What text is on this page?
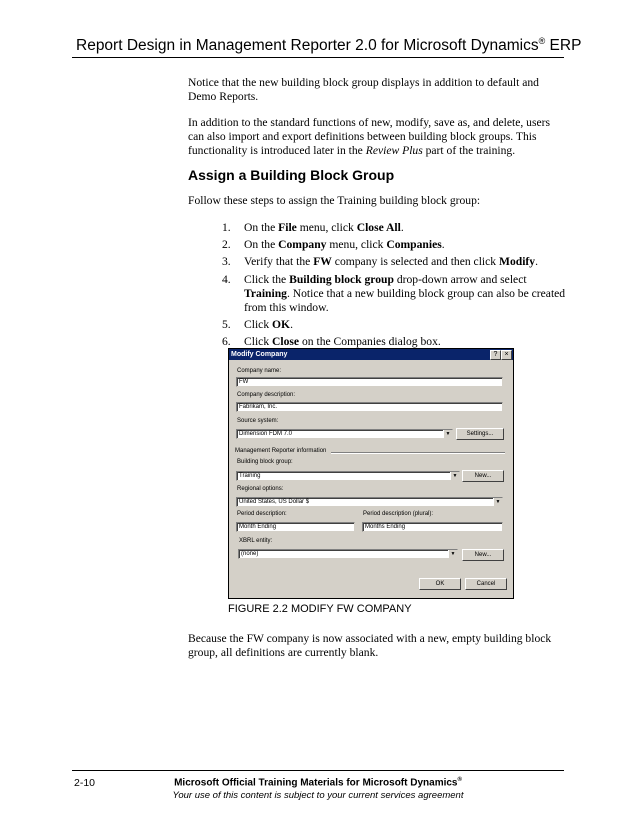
Report Design in Management Reporter 2.0 for Microsoft Dynamics® ERP

Notice that the new building block group displays in addition to default and Demo Reports.

In addition to the standard functions of new, modify, save as, and delete, users can also import and export definitions between building block groups. This functionality is introduced later in the Review Plus part of the training.

Assign a Building Block Group

Follow these steps to assign the Training building block group:

1. On the File menu, click Close All.
2. On the Company menu, click Companies.
3. Verify that the FW company is selected and then click Modify.
4. Click the Building block group drop-down arrow and select Training. Notice that a new building block group can also be created from this window.
5. Click OK.
6. Click Close on the Companies dialog box.
Modify Company	?	×
Company name:
FW
Company description:
Fabrikam, Inc.
Source system:
Dimension FDM 7.0	▼	Settings...
Management Reporter information
Building block group:
Training	▼	New...
Regional options:
United States, US Dollar $	▼
Period description:
Month Ending
Period description (plural):
Months Ending
XBRL entity:
(none)	▼	New...
OK	Cancel
FIGURE 2.2 MODIFY FW COMPANY

Because the FW company is now associated with a new, empty building block group, all definitions are currently blank.

2-10	Microsoft Official Training Materials for Microsoft Dynamics®
Your use of this content is subject to your current services agreement
